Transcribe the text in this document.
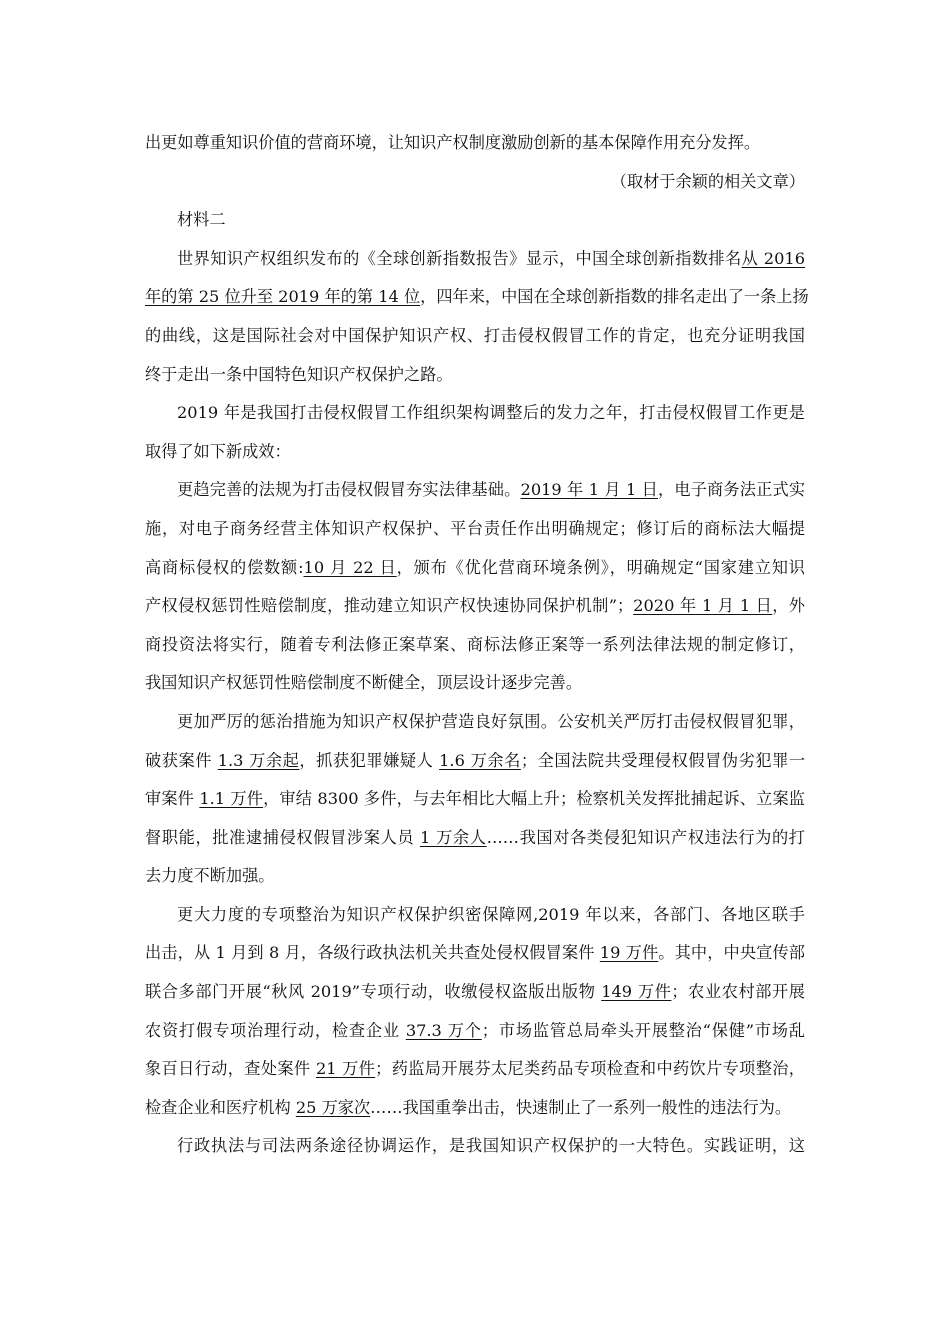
出更如尊重知识价值的营商环境，让知识产权制度激励创新的基本保障作用充分发挥。
（取材于余颖的相关文章）
材料二
世界知识产权组织发布的《全球创新指数报告》显示，中国全球创新指数排名从 2016
年的第 25 位升至 2019 年的第 14 位，四年来，中国在全球创新指数的排名走出了一条上扬
的曲线，这是国际社会对中国保护知识产权、打击侵权假冒工作的肯定，也充分证明我国
终于走出一条中国特色知识产权保护之路。
2019 年是我国打击侵权假冒工作组织架构调整后的发力之年，打击侵权假冒工作更是
取得了如下新成效：
更趋完善的法规为打击侵权假冒夯实法律基础。2019 年 1 月 1 日，电子商务法正式实
施，对电子商务经营主体知识产权保护、平台责任作出明确规定；修订后的商标法大幅提
高商标侵权的偿数额:10 月 22 日，颁布《优化营商环境条例》，明确规定“国家建立知识
产权侵权惩罚性赔偿制度，推动建立知识产权快速协同保护机制”；2020 年 1 月 1 日，外
商投资法将实行，随着专利法修正案草案、商标法修正案等一系列法律法规的制定修订，
我国知识产权惩罚性赔偿制度不断健全，顶层设计逐步完善。
更加严厉的惩治措施为知识产权保护营造良好氛围。公安机关严厉打击侵权假冒犯罪，
破获案件 1.3 万余起，抓获犯罪嫌疑人 1.6 万余名；全国法院共受理侵权假冒伪劣犯罪一
审案件 1.1 万件，审结 8300 多件，与去年相比大幅上升；检察机关发挥批捕起诉、立案监
督职能，批准逮捕侵权假冒涉案人员 1 万余人……我国对各类侵犯知识产权违法行为的打
去力度不断加强。
更大力度的专项整治为知识产权保护织密保障网,2019 年以来，各部门、各地区联手
出击，从 1 月到 8 月，各级行政执法机关共查处侵权假冒案件 19 万件。其中，中央宣传部
联合多部门开展“秋风 2019”专项行动，收缴侵权盗版出版物 149 万件；农业农村部开展
农资打假专项治理行动，检查企业 37.3 万个；市场监管总局牵头开展整治“保健”市场乱
象百日行动，查处案件 21 万件；药监局开展芬太尼类药品专项检查和中药饮片专项整治，
检查企业和医疗机构 25 万家次……我国重拳出击，快速制止了一系列一般性的违法行为。
行政执法与司法两条途径协调运作，是我国知识产权保护的一大特色。实践证明，这
